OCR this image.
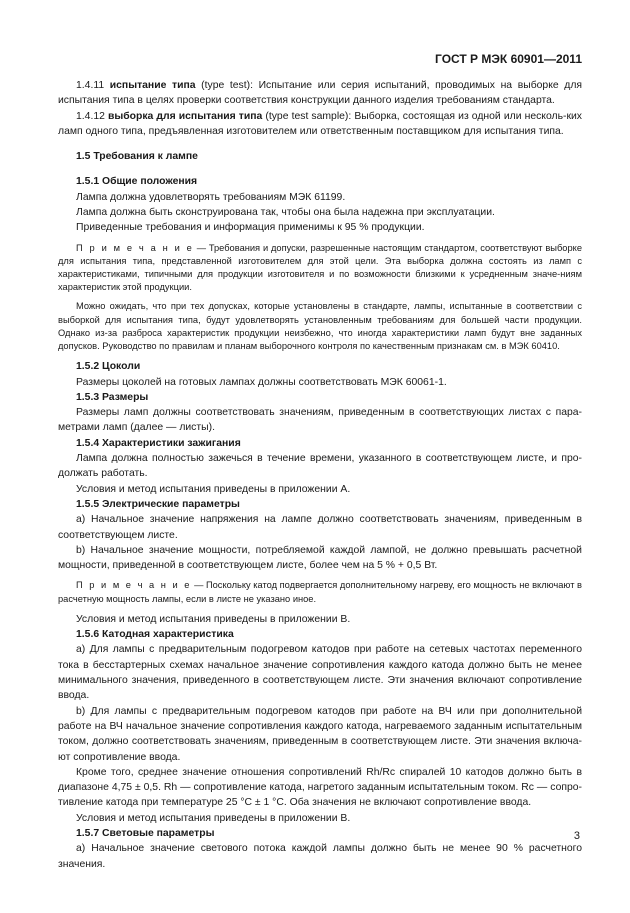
ГОСТ Р МЭК 60901—2011

1.4.11 испытание типа (type test): Испытание или серия испытаний, проводимых на выборке для испытания типа в целях проверки соответствия конструкции данного изделия требованиям стандарта.

1.4.12 выборка для испытания типа (type test sample): Выборка, состоящая из одной или несколь-ких ламп одного типа, предъявленная изготовителем или ответственным поставщиком для испытания типа.

1.5 Требования к лампе

1.5.1 Общие положения

Лампа должна удовлетворять требованиям МЭК 61199.

Лампа должна быть сконструирована так, чтобы она была надежна при эксплуатации.

Приведенные требования и информация применимы к 95 % продукции.

П р и м е ч а н и е — Требования и допуски, разрешенные настоящим стандартом, соответствуют выборке для испытания типа, представленной изготовителем для этой цели. Эта выборка должна состоять из ламп с характеристиками, типичными для продукции изготовителя и по возможности близкими к усредненным значе-ниям характеристик этой продукции.

Можно ожидать, что при тех допусках, которые установлены в стандарте, лампы, испытанные в соответствии с выборкой для испытания типа, будут удовлетворять установленным требованиям для большей части продукции. Однако из-за разброса характеристик продукции неизбежно, что иногда характеристики ламп будут вне заданных допусков. Руководство по правилам и планам выборочного контроля по качественным признакам см. в МЭК 60410.

1.5.2 Цоколи

Размеры цоколей на готовых лампах должны соответствовать МЭК 60061-1.

1.5.3 Размеры

Размеры ламп должны соответствовать значениям, приведенным в соответствующих листах с пара-метрами ламп (далее — листы).

1.5.4 Характеристики зажигания

Лампа должна полностью зажечься в течение времени, указанного в соответствующем листе, и про-должать работать.

Условия и метод испытания приведены в приложении А.

1.5.5 Электрические параметры

a) Начальное значение напряжения на лампе должно соответствовать значениям, приведенным в соответствующем листе.

b) Начальное значение мощности, потребляемой каждой лампой, не должно превышать расчетной мощности, приведенной в соответствующем листе, более чем на 5 % + 0,5 Вт.

П р и м е ч а н и е — Поскольку катод подвергается дополнительному нагреву, его мощность не включают в расчетную мощность лампы, если в листе не указано иное.

Условия и метод испытания приведены в приложении В.

1.5.6 Катодная характеристика

a) Для лампы с предварительным подогревом катодов при работе на сетевых частотах переменного тока в бесстартерных схемах начальное значение сопротивления каждого катода должно быть не менее минимального значения, приведенного в соответствующем листе. Эти значения включают сопротивление ввода.

b) Для лампы с предварительным подогревом катодов при работе на ВЧ или при дополнительной работе на ВЧ начальное значение сопротивления каждого катода, нагреваемого заданным испытательным током, должно соответствовать значениям, приведенным в соответствующем листе. Эти значения включа-ют сопротивление ввода.

Кроме того, среднее значение отношения сопротивлений Rh/Rc спиралей 10 катодов должно быть в диапазоне 4,75 ± 0,5. Rh — сопротивление катода, нагретого заданным испытательным током. Rc — сопро-тивление катода при температуре 25 °С ± 1 °С. Оба значения не включают сопротивление ввода.

Условия и метод испытания приведены в приложении В.

1.5.7 Световые параметры

a) Начальное значение светового потока каждой лампы должно быть не менее 90 % расчетного значения.

3
